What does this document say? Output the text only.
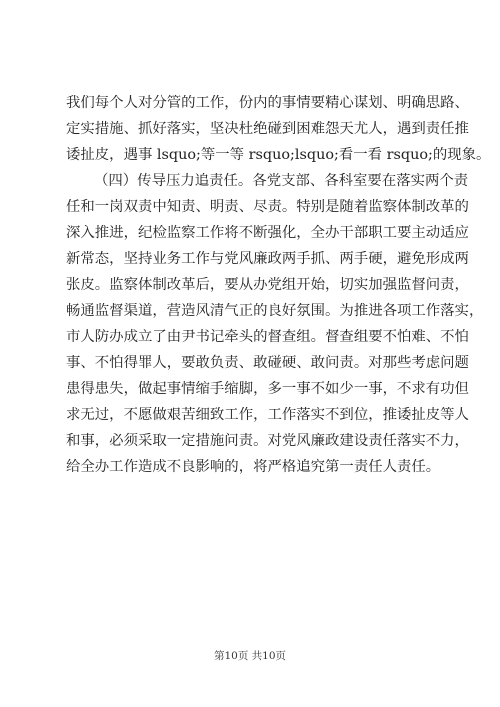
我们每个人对分管的工作，份内的事情要精心谋划、明确思路、
定实措施、抓好落实，坚决杜绝碰到困难怨天尤人，遇到责任推
诿扯皮，遇事 lsquo;等一等 rsquo;lsquo;看一看 rsquo;的现象。
（四）传导压力追责任。各党支部、各科室要在落实两个责
任和一岗双责中知责、明责、尽责。特别是随着监察体制改革的
深入推进，纪检监察工作将不断强化，全办干部职工要主动适应
新常态，坚持业务工作与党风廉政两手抓、两手硬，避免形成两
张皮。监察体制改革后，要从办党组开始，切实加强监督问责，
畅通监督渠道，营造风清气正的良好氛围。为推进各项工作落实，
市人防办成立了由尹书记牵头的督查组。督查组要不怕难、不怕
事、不怕得罪人，要敢负责、敢碰硬、敢问责。对那些考虑问题
患得患失，做起事情缩手缩脚，多一事不如少一事，不求有功但
求无过，不愿做艰苦细致工作，工作落实不到位，推诿扯皮等人
和事，必须采取一定措施问责。对党风廉政建设责任落实不力，
给全办工作造成不良影响的，将严格追究第一责任人责任。
第10页 共10页
